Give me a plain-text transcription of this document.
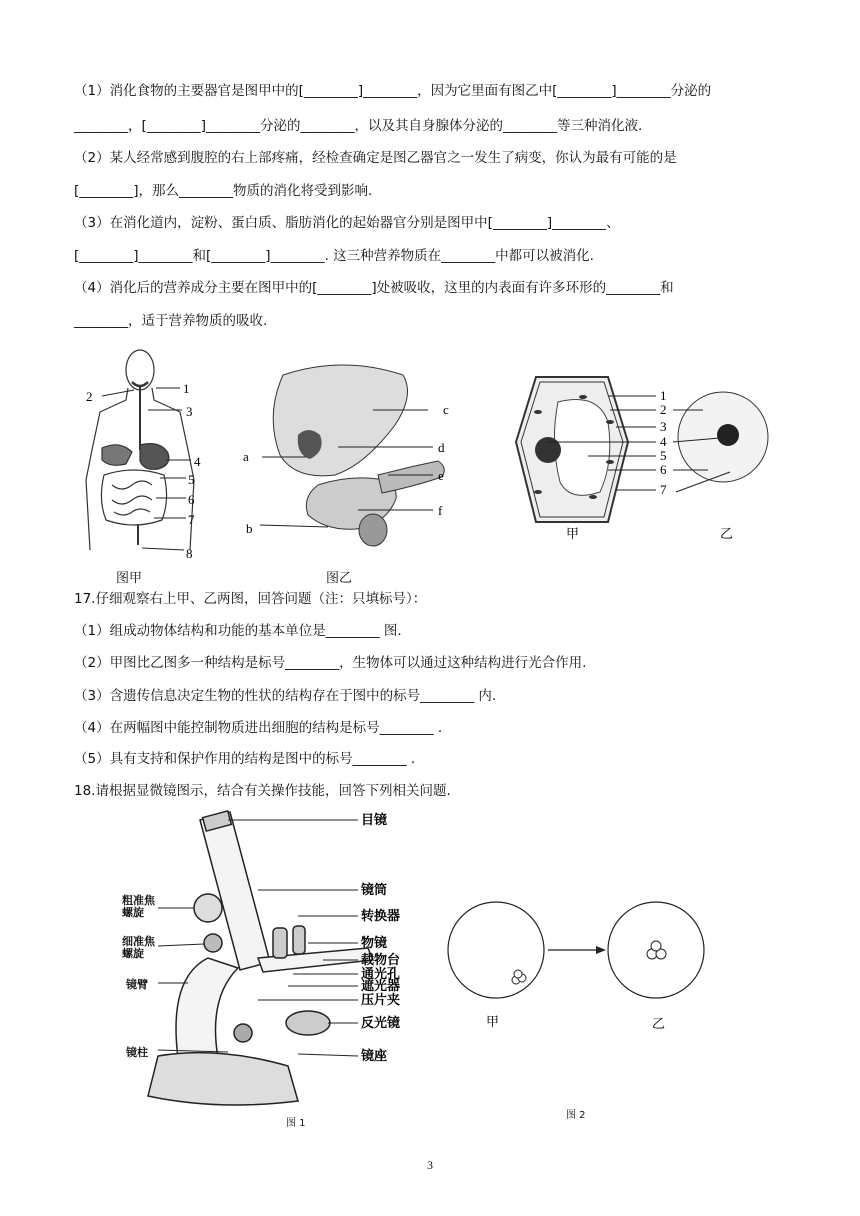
（1）消化食物的主要器官是图甲中的[________]________，因为它里面有图乙中[________]________分泌的
________，[________]________分泌的________，以及其自身腺体分泌的________等三种消化液.
（2）某人经常感到腹腔的右上部疼痛，经检查确定是图乙器官之一发生了病变，你认为最有可能的是
[________]，那么________物质的消化将受到影响.
（3）在消化道内，淀粉、蛋白质、脂肪消化的起始器官分别是图甲中[________]________、
[________]________和[________]________. 这三种营养物质在________中都可以被消化.
（4）消化后的营养成分主要在图甲中的[________]处被吸收，这里的内表面有许多环形的________和
________，适于营养物质的吸收.
2
1
3
4
5
6
7
8
图甲
a
c
d
e
f
b
图乙
1
2
3
4
5
6
7
甲	乙
17.仔细观察右上甲、乙两图，回答问题（注：只填标号）：
（1）组成动物体结构和功能的基本单位是________ 图.
（2）甲图比乙图多一种结构是标号________，生物体可以通过这种结构进行光合作用.
（3）含遗传信息决定生物的性状的结构存在于图中的标号________ 内.
（4）在两幅图中能控制物质进出细胞的结构是标号________ .
（5）具有支持和保护作用的结构是图中的标号________ .
18.请根据显微镜图示，结合有关操作技能，回答下列相关问题.
目镜
镜筒
转换器
物镜
载物台
通光孔
遮光器
压片夹
反光镜
镜座
粗准焦
螺旋
细准焦
螺旋
镜臂
镜柱
图 1
甲	乙
图 2
3
